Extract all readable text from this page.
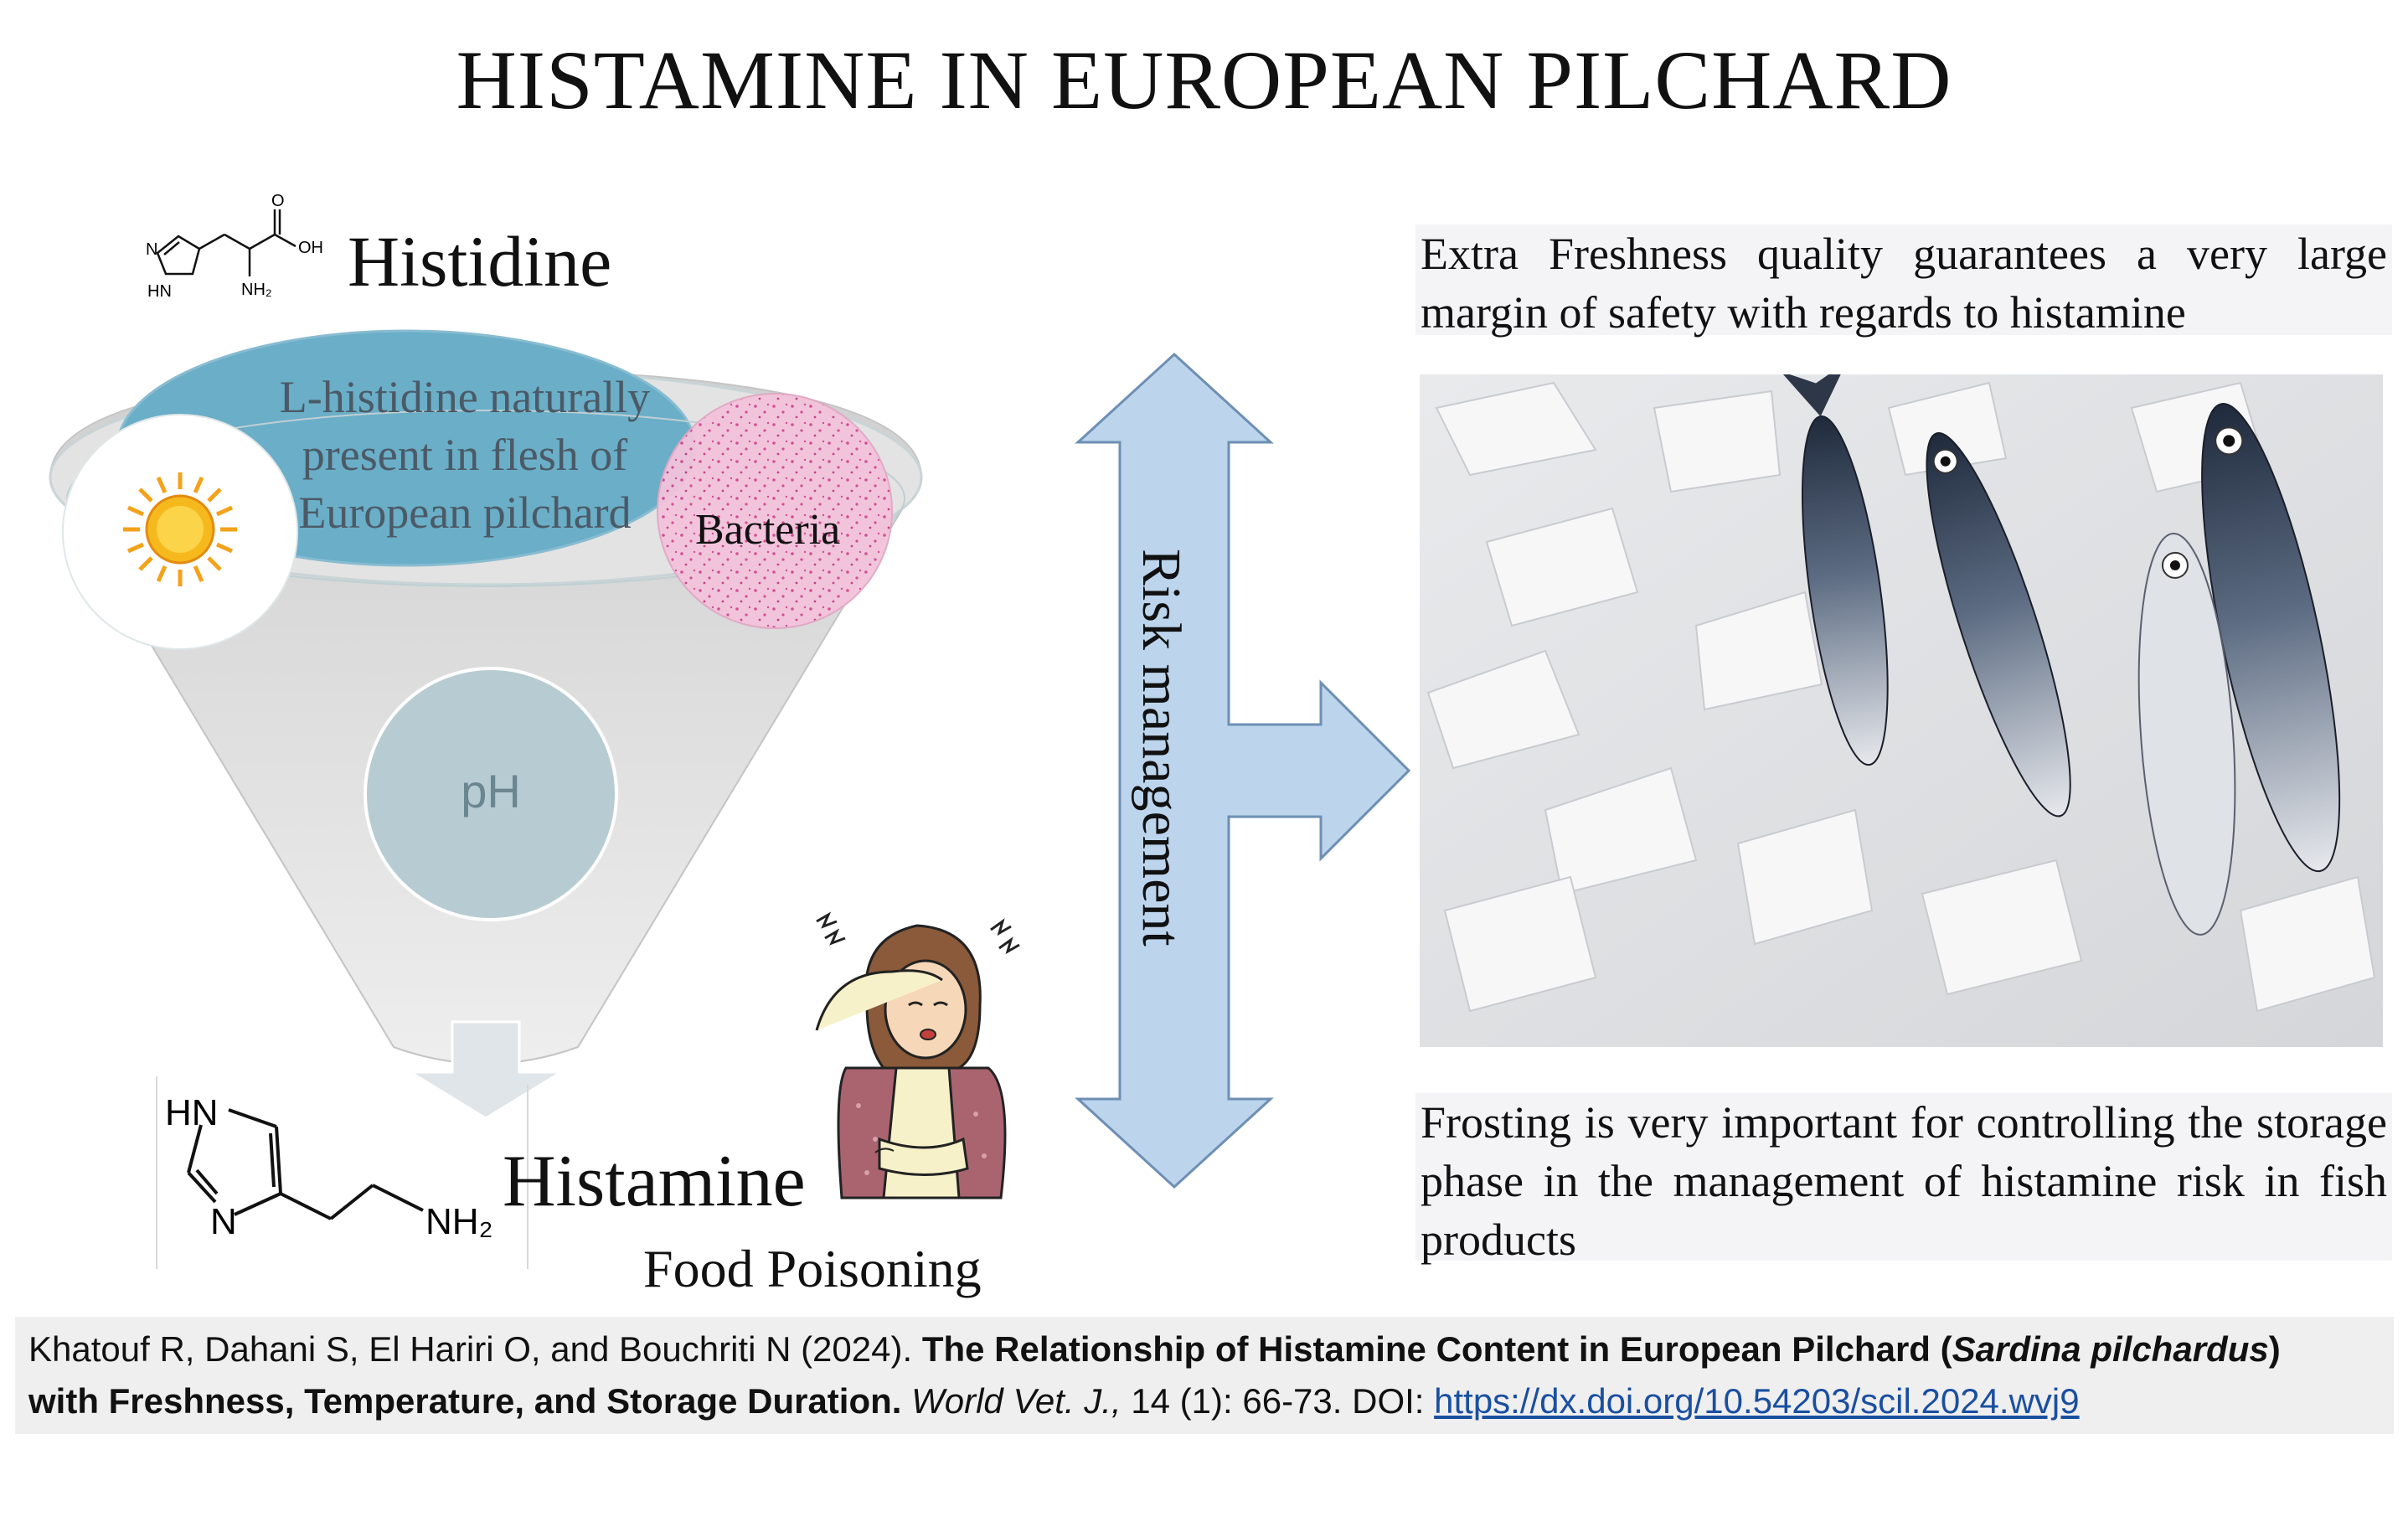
HISTAMINE IN EUROPEAN PILCHARD
O
OH
NH₂
N
HN Histidine
L-histidine naturally
present in flesh of
European pilchard	Bacteria
pH
HN
N	NH₂ Histamine
Food Poisoning
Risk management
Extra Freshness quality guarantees a very large margin of safety with regards to histamine
Frosting is very important for controlling the storage phase in the management of histamine risk in fish products
Khatouf R, Dahani S, El Hariri O, and Bouchriti N (2024). The Relationship of Histamine Content in European Pilchard (Sardina pilchardus)
with Freshness, Temperature, and Storage Duration. World Vet. J., 14 (1): 66-73. DOI: https://dx.doi.org/10.54203/scil.2024.wvj9
